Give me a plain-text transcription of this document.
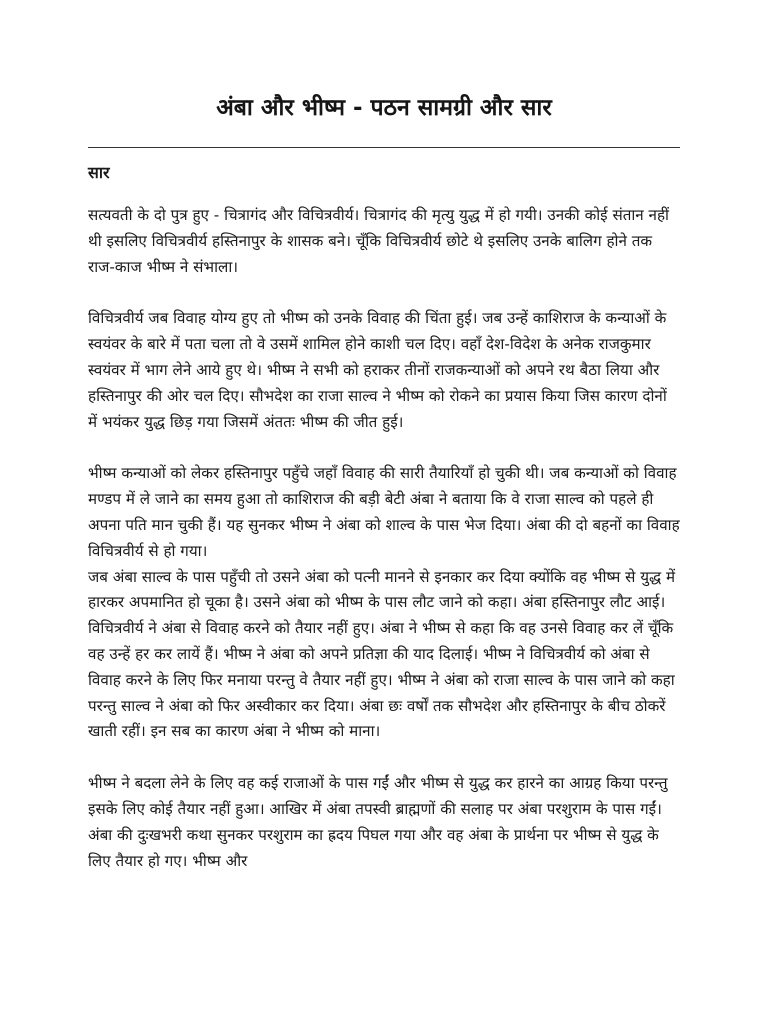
अंबा और भीष्म - पठन सामग्री और सार
सार

सत्यवती के दो पुत्र हुए - चित्रागंद और विचित्रवीर्य। चित्रागंद की मृत्यु युद्ध में हो गयी। उनकी कोई संतान नहीं थी इसलिए विचित्रवीर्य हस्तिनापुर के शासक बने। चूँकि विचित्रवीर्य छोटे थे इसलिए उनके बालिग होने तक राज-काज भीष्म ने संभाला।

विचित्रवीर्य जब विवाह योग्य हुए तो भीष्म को उनके विवाह की चिंता हुई। जब उन्हें काशिराज के कन्याओं के स्वयंवर के बारे में पता चला तो वे उसमें शामिल होने काशी चल दिए। वहाँ देश-विदेश के अनेक राजकुमार स्वयंवर में भाग लेने आये हुए थे। भीष्म ने सभी को हराकर तीनों राजकन्याओं को अपने रथ बैठा लिया और हस्तिनापुर की ओर चल दिए। सौभदेश का राजा साल्व ने भीष्म को रोकने का प्रयास किया जिस कारण दोनों में भयंकर युद्ध छिड़ गया जिसमें अंततः भीष्म की जीत हुई।

भीष्म कन्याओं को लेकर हस्तिनापुर पहुँचे जहाँ विवाह की सारी तैयारियाँ हो चुकी थी। जब कन्याओं को विवाह मण्डप में ले जाने का समय हुआ तो काशिराज की बड़ी बेटी अंबा ने बताया कि वे राजा साल्व को पहले ही अपना पति मान चुकी हैं। यह सुनकर भीष्म ने अंबा को शाल्व के पास भेज दिया। अंबा की दो बहनों का विवाह विचित्रवीर्य से हो गया।

जब अंबा साल्व के पास पहुँची तो उसने अंबा को पत्नी मानने से इनकार कर दिया क्योंकि वह भीष्म से युद्ध में हारकर अपमानित हो चूका है। उसने अंबा को भीष्म के पास लौट जाने को कहा। अंबा हस्तिनापुर लौट आई। विचित्रवीर्य ने अंबा से विवाह करने को तैयार नहीं हुए। अंबा ने भीष्म से कहा कि वह उनसे विवाह कर लें चूँकि वह उन्हें हर कर लायें हैं। भीष्म ने अंबा को अपने प्रतिज्ञा की याद दिलाई। भीष्म ने विचित्रवीर्य को अंबा से विवाह करने के लिए फिर मनाया परन्तु वे तैयार नहीं हुए। भीष्म ने अंबा को राजा साल्व के पास जाने को कहा परन्तु साल्व ने अंबा को फिर अस्वीकार कर दिया। अंबा छः वर्षों तक सौभदेश और हस्तिनापुर के बीच ठोकरें खाती रहीं। इन सब का कारण अंबा ने भीष्म को माना।

भीष्म ने बदला लेने के लिए वह कई राजाओं के पास गईं और भीष्म से युद्ध कर हारने का आग्रह किया परन्तु इसके लिए कोई तैयार नहीं हुआ। आखिर में अंबा तपस्वी ब्राह्मणों की सलाह पर अंबा परशुराम के पास गईं। अंबा की दुःखभरी कथा सुनकर परशुराम का ह्रदय पिघल गया और वह अंबा के प्रार्थना पर भीष्म से युद्ध के लिए तैयार हो गए। भीष्म और
